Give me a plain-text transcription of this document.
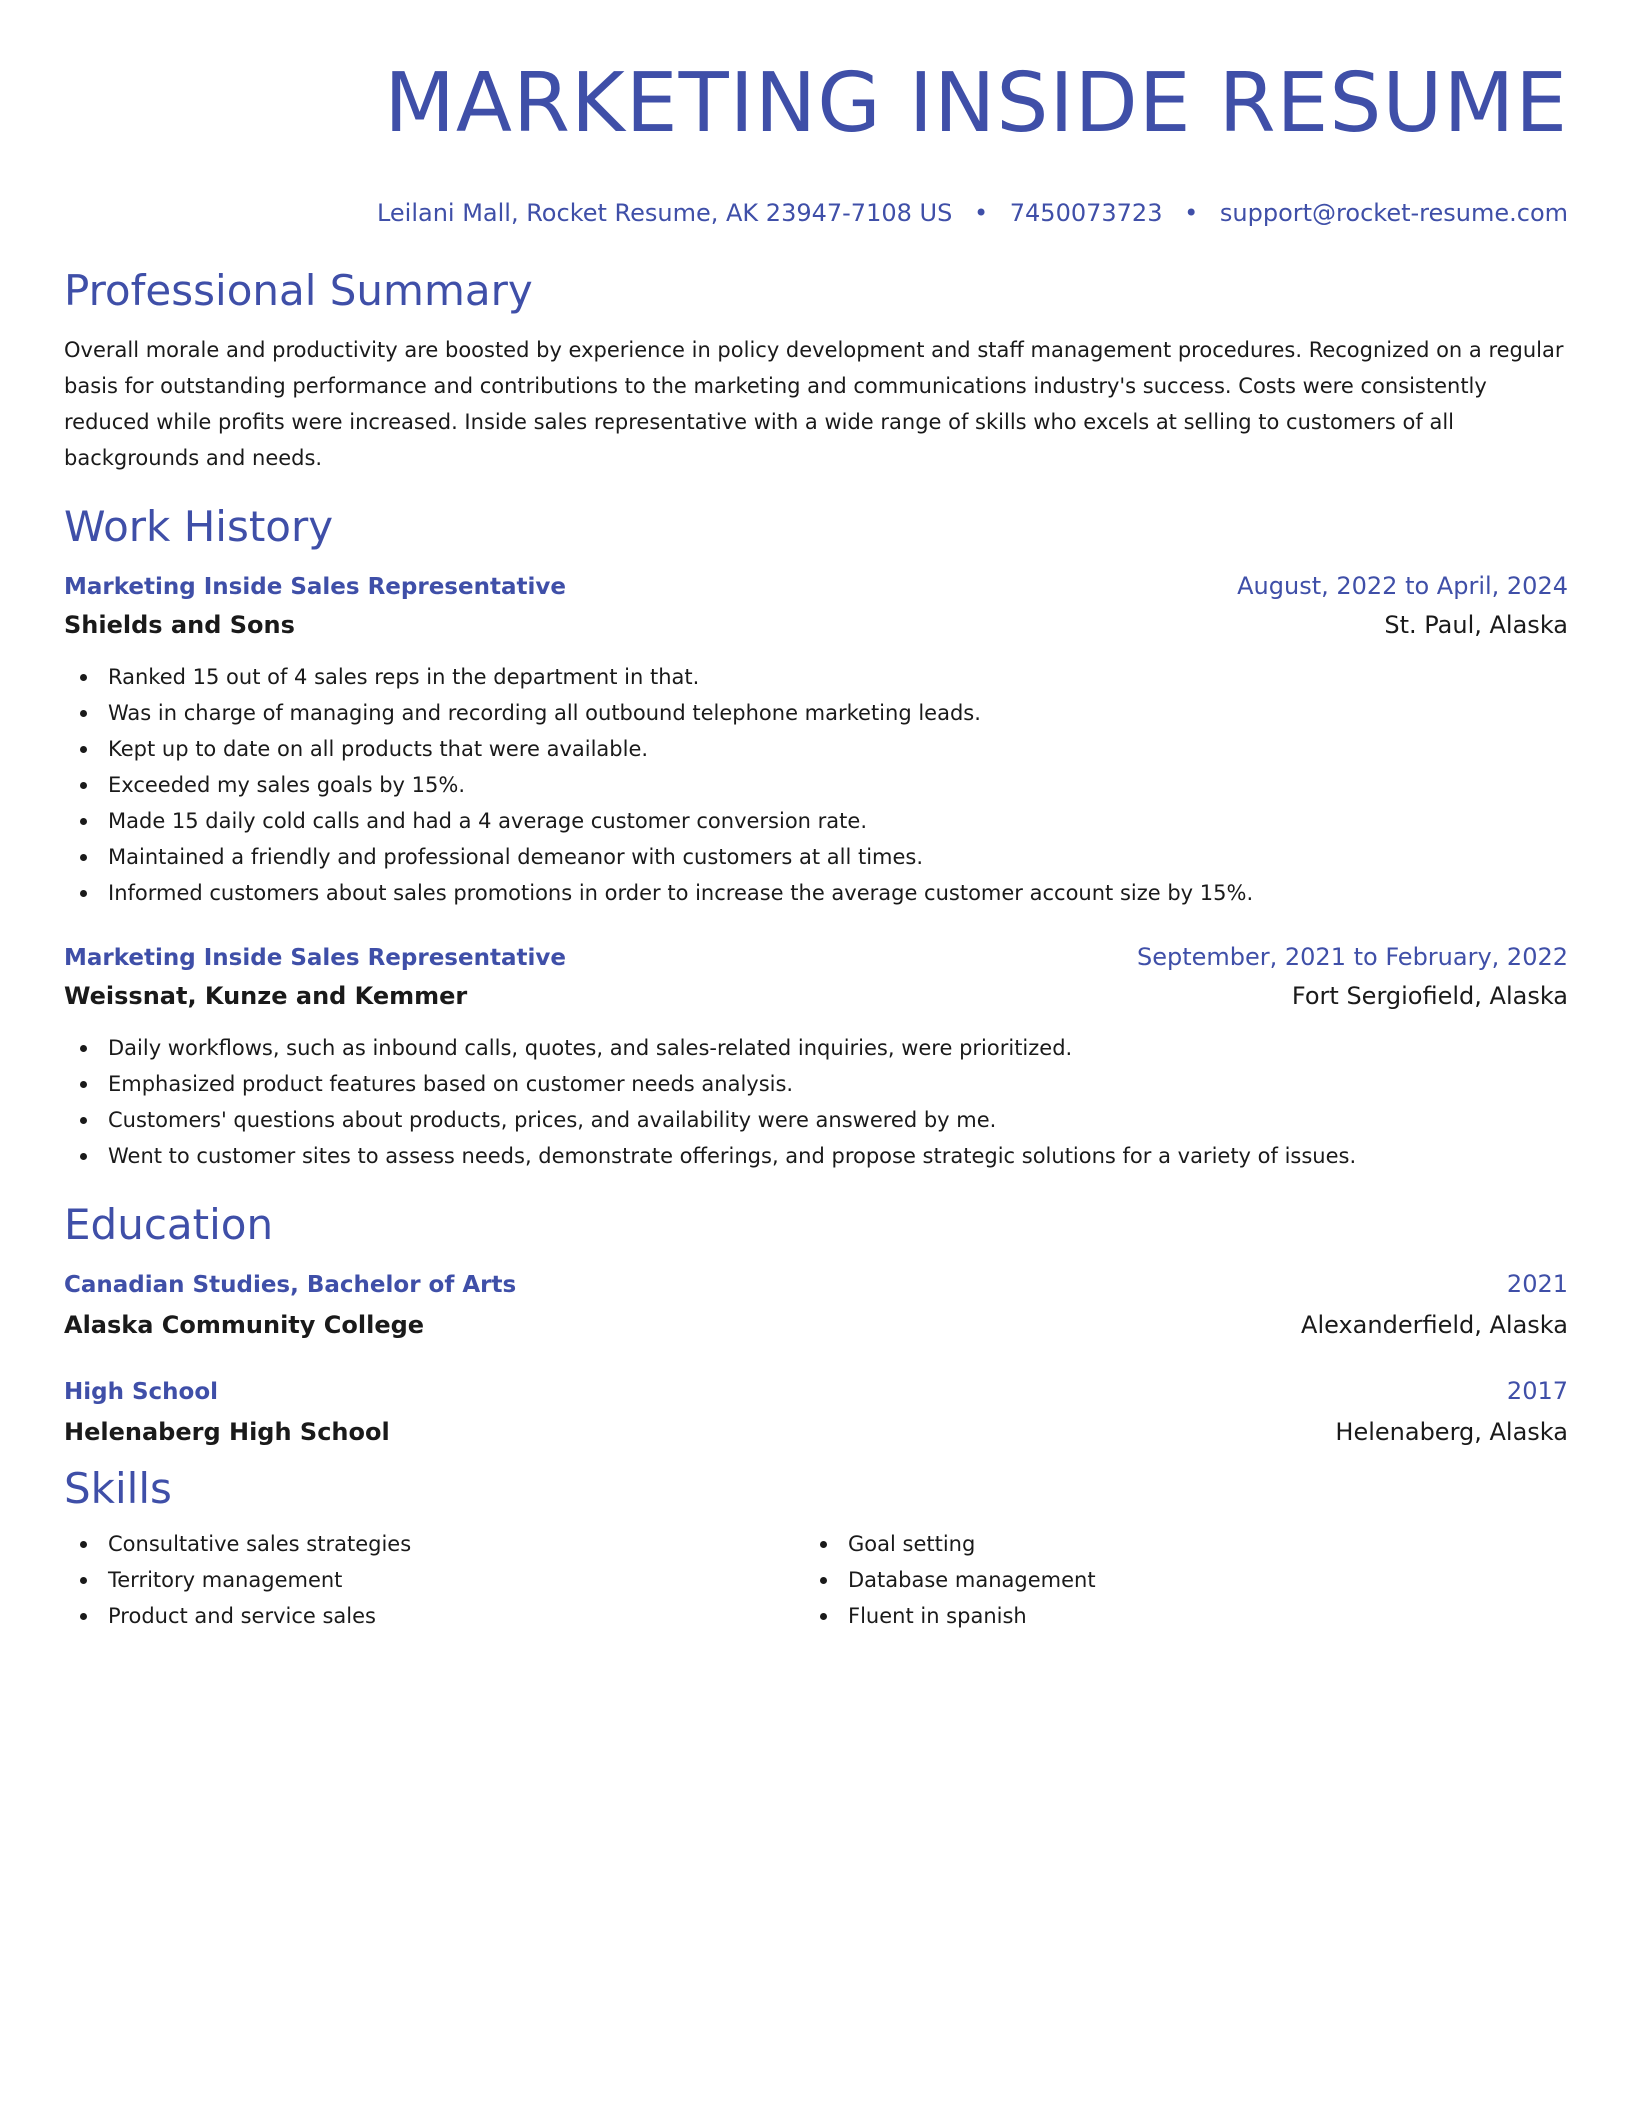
MARKETING INSIDE RESUME
Leilani Mall, Rocket Resume, AK 23947-7108 US • 7450073723 • support@rocket-resume.com
Professional Summary
Overall morale and productivity are boosted by experience in policy development and staff management procedures. Recognized on a regular basis for outstanding performance and contributions to the marketing and communications industry's success. Costs were consistently reduced while profits were increased. Inside sales representative with a wide range of skills who excels at selling to customers of all backgrounds and needs.
Work History
Marketing Inside Sales Representative	August, 2022 to April, 2024
Shields and Sons	St. Paul, Alaska
Ranked 15 out of 4 sales reps in the department in that.
Was in charge of managing and recording all outbound telephone marketing leads.
Kept up to date on all products that were available.
Exceeded my sales goals by 15%.
Made 15 daily cold calls and had a 4 average customer conversion rate.
Maintained a friendly and professional demeanor with customers at all times.
Informed customers about sales promotions in order to increase the average customer account size by 15%.
Marketing Inside Sales Representative	September, 2021 to February, 2022
Weissnat, Kunze and Kemmer	Fort Sergiofield, Alaska
Daily workflows, such as inbound calls, quotes, and sales-related inquiries, were prioritized.
Emphasized product features based on customer needs analysis.
Customers' questions about products, prices, and availability were answered by me.
Went to customer sites to assess needs, demonstrate offerings, and propose strategic solutions for a variety of issues.
Education
Canadian Studies, Bachelor of Arts	2021
Alaska Community College	Alexanderfield, Alaska
High School	2017
Helenaberg High School	Helenaberg, Alaska
Skills
Consultative sales strategies
Territory management
Product and service sales
Goal setting
Database management
Fluent in spanish
